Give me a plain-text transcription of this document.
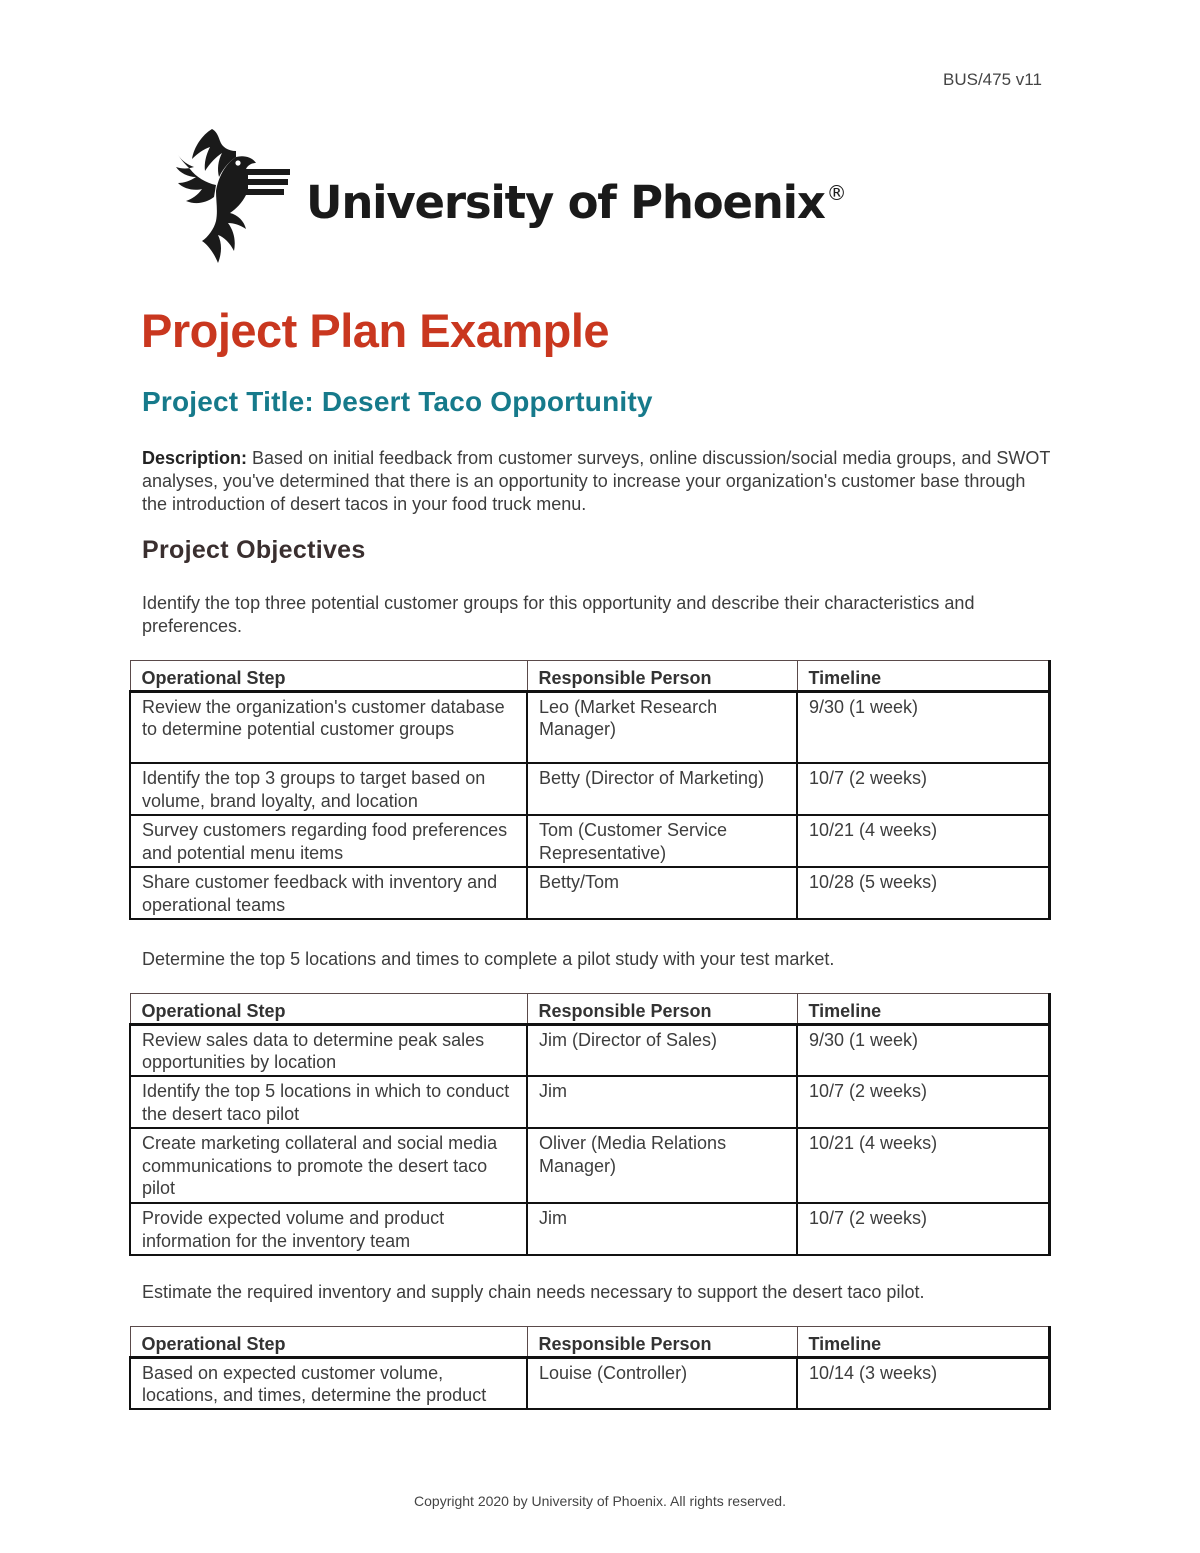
BUS/475 v11
University of Phoenix ®
Project Plan Example
Project Title: Desert Taco Opportunity

Description: Based on initial feedback from customer surveys, online discussion/social media groups, and SWOT analyses, you've determined that there is an opportunity to increase your organization's customer base through the introduction of desert tacos in your food truck menu.

Project Objectives

Identify the top three potential customer groups for this opportunity and describe their characteristics and preferences.

Operational Step	Responsible Person	Timeline
Review the organization's customer database to determine potential customer groups	Leo (Market Research Manager)	9/30 (1 week)
Identify the top 3 groups to target based on volume, brand loyalty, and location	Betty (Director of Marketing)	10/7 (2 weeks)
Survey customers regarding food preferences and potential menu items	Tom (Customer Service Representative)	10/21 (4 weeks)
Share customer feedback with inventory and operational teams	Betty/Tom	10/28 (5 weeks)

Determine the top 5 locations and times to complete a pilot study with your test market.

Operational Step	Responsible Person	Timeline
Review sales data to determine peak sales opportunities by location	Jim (Director of Sales)	9/30 (1 week)
Identify the top 5 locations in which to conduct the desert taco pilot	Jim	10/7 (2 weeks)
Create marketing collateral and social media communications to promote the desert taco pilot	Oliver (Media Relations Manager)	10/21 (4 weeks)
Provide expected volume and product information for the inventory team	Jim	10/7 (2 weeks)

Estimate the required inventory and supply chain needs necessary to support the desert taco pilot.

Operational Step	Responsible Person	Timeline
Based on expected customer volume, locations, and times, determine the product	Louise (Controller)	10/14 (3 weeks)
Copyright 2020 by University of Phoenix. All rights reserved.
